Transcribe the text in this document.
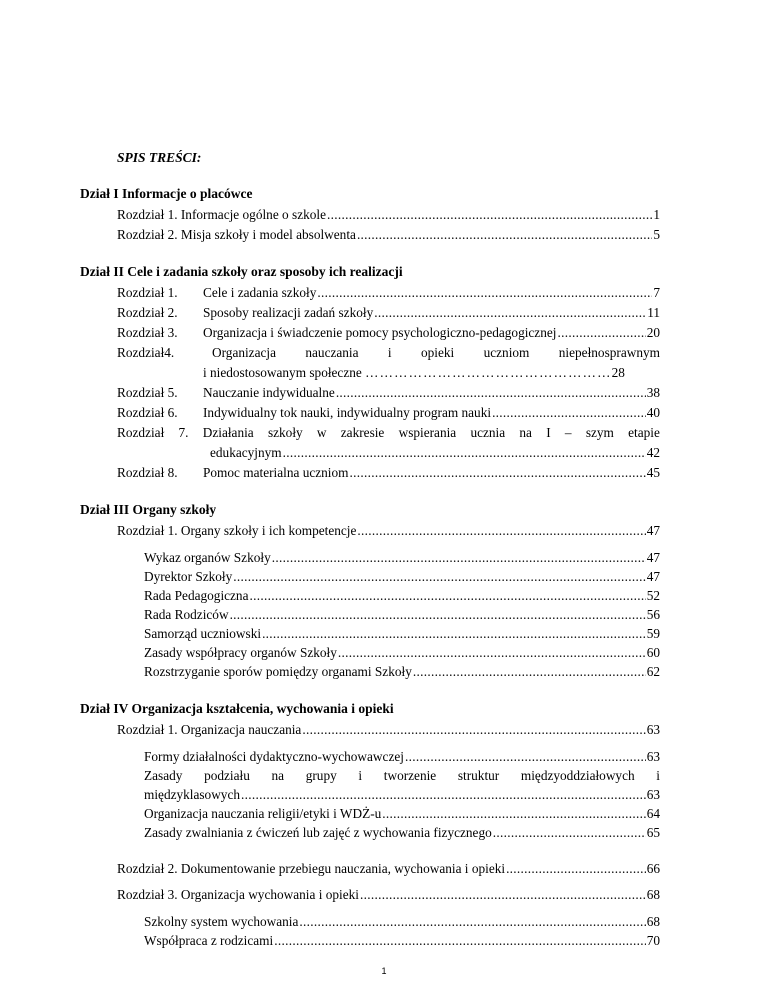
SPIS TREŚCI:
Dział I Informacje o placówce
Rozdział 1. Informacje ogólne o szkole .....	1
Rozdział 2. Misja szkoły i model absolwenta .....	5
Dział II Cele i zadania szkoły oraz sposoby ich realizacji
Rozdział 1. Cele i zadania szkoły .....	7
Rozdział 2. Sposoby realizacji zadań szkoły .....	11
Rozdział 3. Organizacja i świadczenie pomocy psychologiczno-pedagogicznej .....	20
Rozdział4.	Organizacja nauczania i opieki uczniom niepełnosprawnym
i niedostosowanym społeczne ……………………………………………28
Rozdział 5. Nauczanie indywidualne .....	38
Rozdział 6. Indywidualny tok nauki, indywidualny program nauki .....	40
Rozdział 7. Działania szkoły w zakresie wspierania ucznia na I – szym etapie
edukacyjnym .....	42
Rozdział 8. Pomoc materialna uczniom .....	45
Dział III Organy szkoły
Rozdział 1. Organy szkoły i ich kompetencje .....	47
Wykaz organów Szkoły .....	47
Dyrektor Szkoły .....	47
Rada Pedagogiczna .....	52
Rada Rodziców .....	56
Samorząd uczniowski .....	59
Zasady współpracy organów Szkoły .....	60
Rozstrzyganie sporów pomiędzy organami Szkoły .....	62
Dział IV Organizacja kształcenia, wychowania i opieki
Rozdział 1. Organizacja nauczania .....	63
Formy działalności dydaktyczno-wychowawczej .....	63
Zasady podziału na grupy i tworzenie struktur międzyoddziałowych i
międzyklasowych .....	63
Organizacja nauczania religii/etyki i WDŻ-u .....	64
Zasady zwalniania z ćwiczeń lub zajęć z wychowania fizycznego .....	65
Rozdział 2. Dokumentowanie przebiegu nauczania, wychowania i opieki .....	66
Rozdział 3. Organizacja wychowania i opieki .....	68
Szkolny system wychowania .....	68
Współpraca z rodzicami .....	70
1
